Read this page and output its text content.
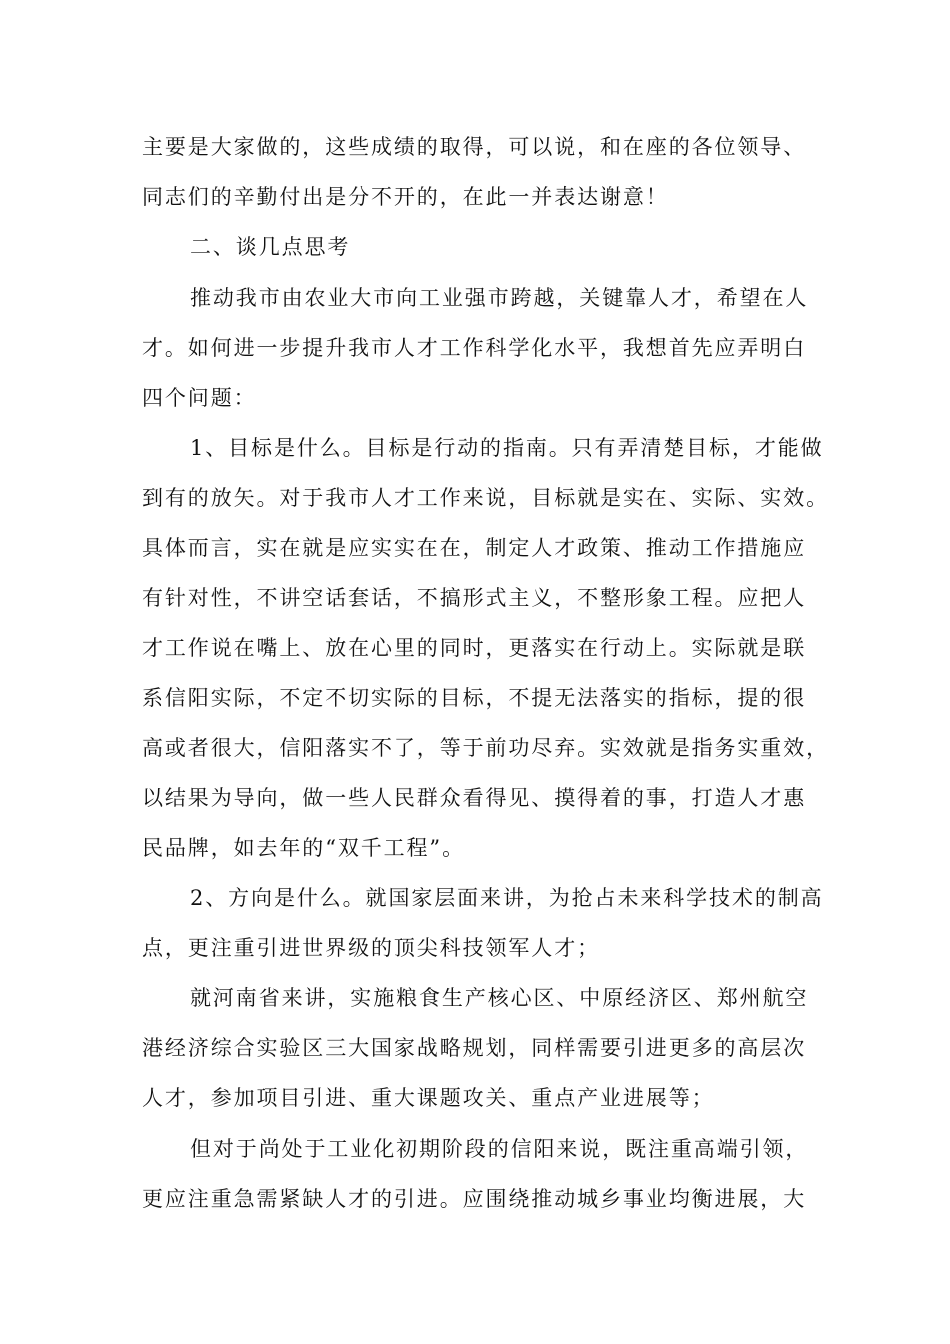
主要是大家做的，这些成绩的取得，可以说，和在座的各位领导、
同志们的辛勤付出是分不开的，在此一并表达谢意！
二、谈几点思考
推动我市由农业大市向工业强市跨越，关键靠人才，希望在人
才。如何进一步提升我市人才工作科学化水平，我想首先应弄明白
四个问题：
1、目标是什么。目标是行动的指南。只有弄清楚目标，才能做
到有的放矢。对于我市人才工作来说，目标就是实在、实际、实效。
具体而言，实在就是应实实在在，制定人才政策、推动工作措施应
有针对性，不讲空话套话，不搞形式主义，不整形象工程。应把人
才工作说在嘴上、放在心里的同时，更落实在行动上。实际就是联
系信阳实际，不定不切实际的目标，不提无法落实的指标，提的很
高或者很大，信阳落实不了，等于前功尽弃。实效就是指务实重效，
以结果为导向，做一些人民群众看得见、摸得着的事，打造人才惠
民品牌，如去年的“双千工程”。
2、方向是什么。就国家层面来讲，为抢占未来科学技术的制高
点，更注重引进世界级的顶尖科技领军人才；
就河南省来讲，实施粮食生产核心区、中原经济区、郑州航空
港经济综合实验区三大国家战略规划，同样需要引进更多的高层次
人才，参加项目引进、重大课题攻关、重点产业进展等；
但对于尚处于工业化初期阶段的信阳来说，既注重高端引领，
更应注重急需紧缺人才的引进。应围绕推动城乡事业均衡进展，大
